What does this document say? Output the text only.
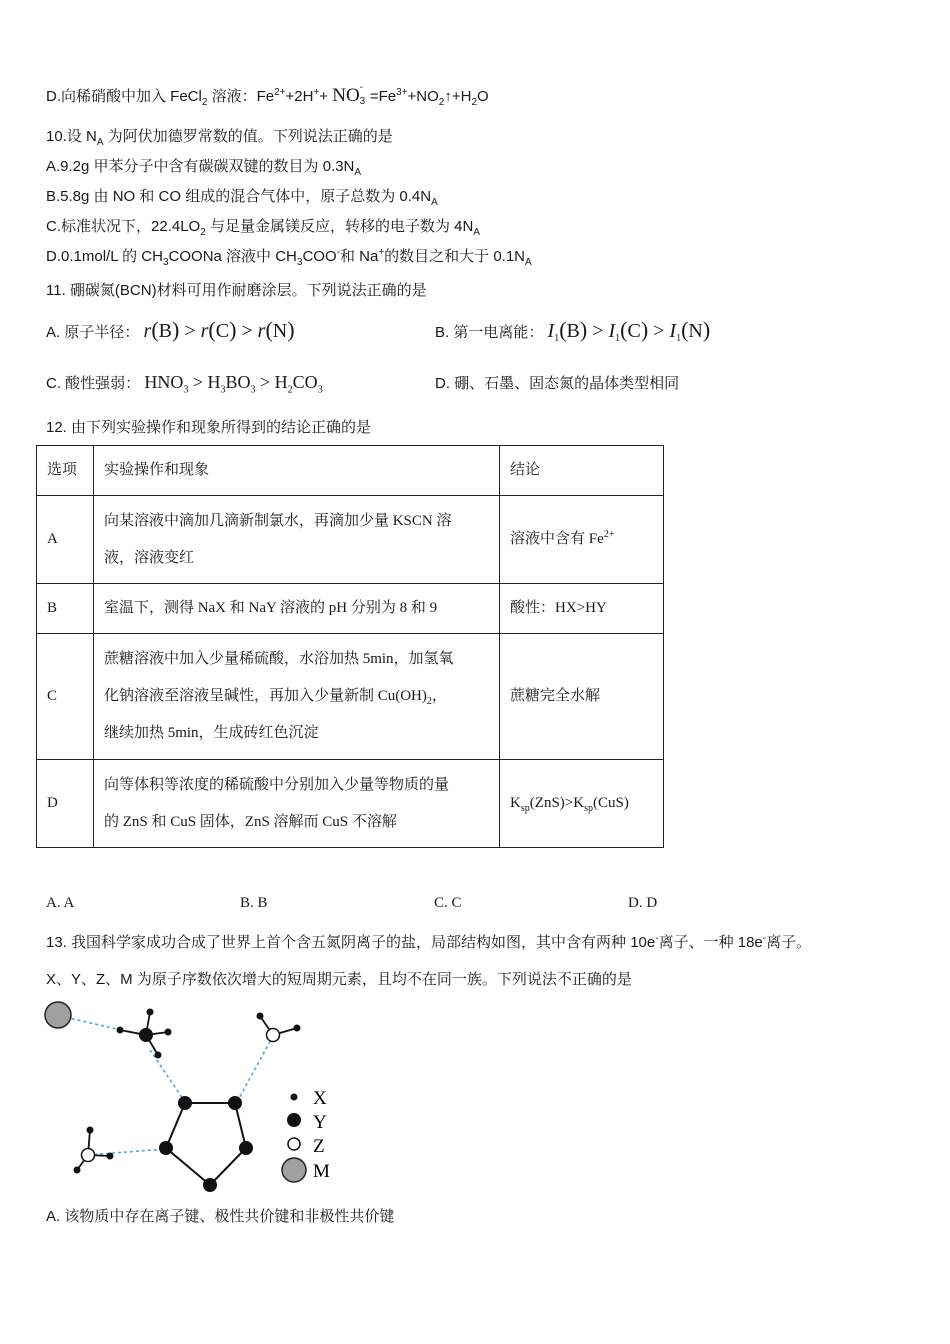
D.向稀硝酸中加入 FeCl$_2$ 溶液：$Fe^{2+}+2H^++$ NO -
$3 =Fe^{3+}+NO_2↑+H_2O$
10.设 $N_A$ 为阿伏加德罗常数的值。下列说法正确的是
A.9.2g 甲苯分子中含有碳碳双键的数目为 $0.3N_A$
B.5.8g 由 NO 和 CO 组成的混合气体中，原子总数为 $0.4N_A$
C.标准状况下，$22.4LO_2$ 与足量金属镁反应，转移的电子数为 $4N_A$
D.0.1mol/L 的 $CH_3COONa$ 溶液中 $CH_3COO^-$和 Na+的数目之和大于 $0.1N_A$
11. 硼碳氮(BCN)材料可用作耐磨涂层。下列说法正确的是
A. 原子半径： r(B) > r(C) > r(N)	B. 第一电离能： $I_1(B) > I_1(C) > I_1(N)$
C. 酸性强弱： $HNO_3 > H_3BO_3 > H_2CO_3$	D. 硼、石墨、固态氮的晶体类型相同
12. 由下列实验操作和现象所得到的结论正确的是
选项	实验操作和现象	结论
A	向某溶液中滴加几滴新制氯水，再滴加少量 KSCN 溶
液，溶液变红	溶液中含有 $Fe^{2+}$
B	室温下，测得 NaX 和 NaY 溶液的 pH 分别为 8 和 9	酸性：HX>HY
C	蔗糖溶液中加入少量稀硫酸，水浴加热 5min，加氢氧
化钠溶液至溶液呈碱性，再加入少量新制 $Cu(OH)_2$，
继续加热 5min，生成砖红色沉淀	蔗糖完全水解
D	向等体积等浓度的稀硫酸中分别加入少量等物质的量
的 ZnS 和 CuS 固体，ZnS 溶解而 CuS 不溶解	$K_{sp}(ZnS)>K_{sp}(CuS)$
A. A	B. B	C. C	D. D
13. 我国科学家成功合成了世界上首个含五氮阴离子的盐，局部结构如图，其中含有两种 10e-离子、一种 18e-离子。
X、Y、Z、M 为原子序数依次增大的短周期元素，且均不在同一族。下列说法不正确的是
X
Y
Z
M
A. 该物质中存在离子键、极性共价键和非极性共价键
